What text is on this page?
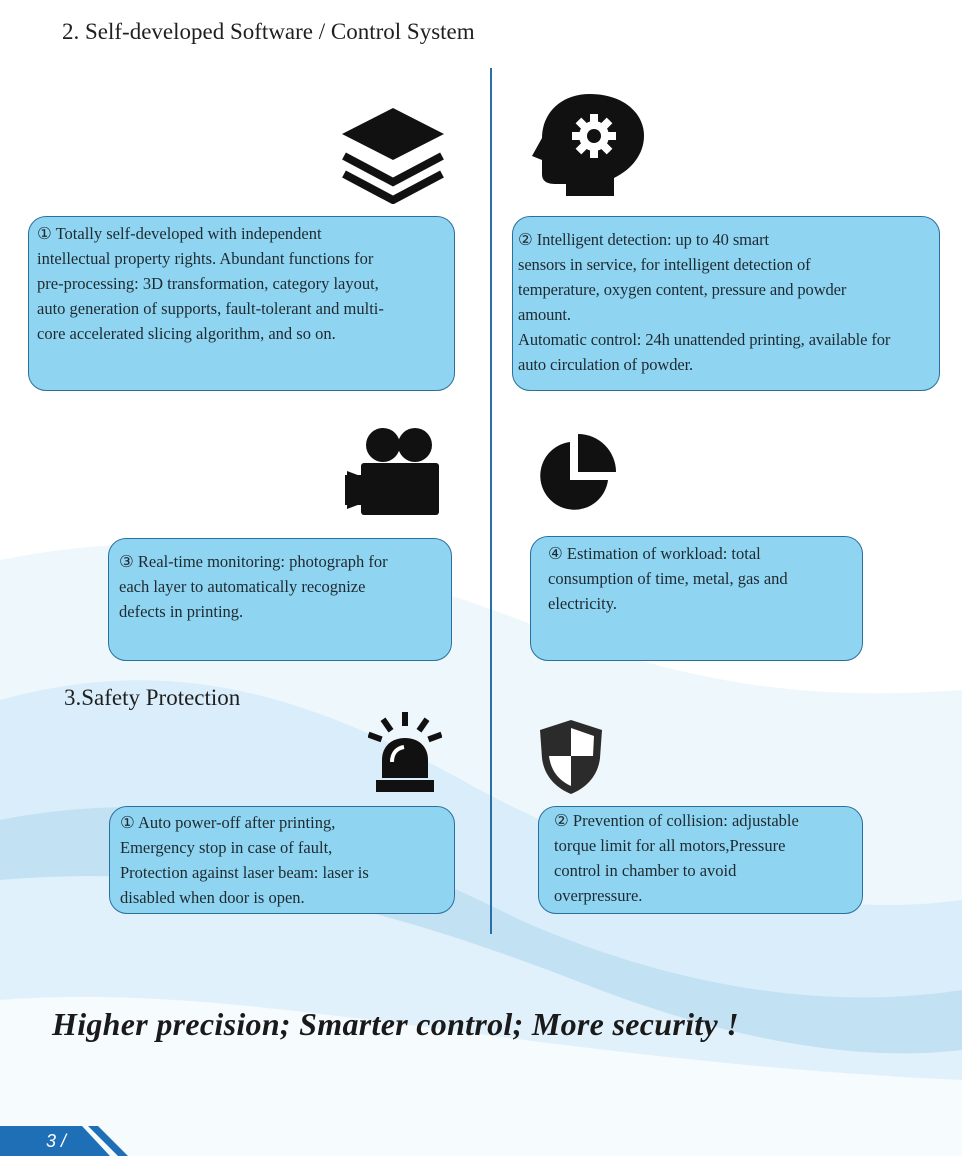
2. Self-developed Software / Control System
① Totally self-developed with independent
intellectual property rights. Abundant functions for
pre-processing: 3D transformation, category layout,
auto generation of supports, fault-tolerant and multi-
core accelerated slicing algorithm, and so on.
② Intelligent detection: up to 40 smart
sensors in service, for intelligent detection of
temperature, oxygen content, pressure and powder
amount.
Automatic control: 24h unattended printing, available for
auto circulation of powder.
③ Real-time monitoring: photograph for
each layer to automatically recognize
defects in printing.
④ Estimation of workload: total
consumption of time, metal, gas and
electricity.
3.Safety Protection
① Auto power-off after printing,
Emergency stop in case of fault,
Protection against laser beam: laser is
disabled when door is open.
② Prevention of collision: adjustable
torque limit for all motors,Pressure
control in chamber to avoid
overpressure.
Higher precision; Smarter control; More security !
3 /
